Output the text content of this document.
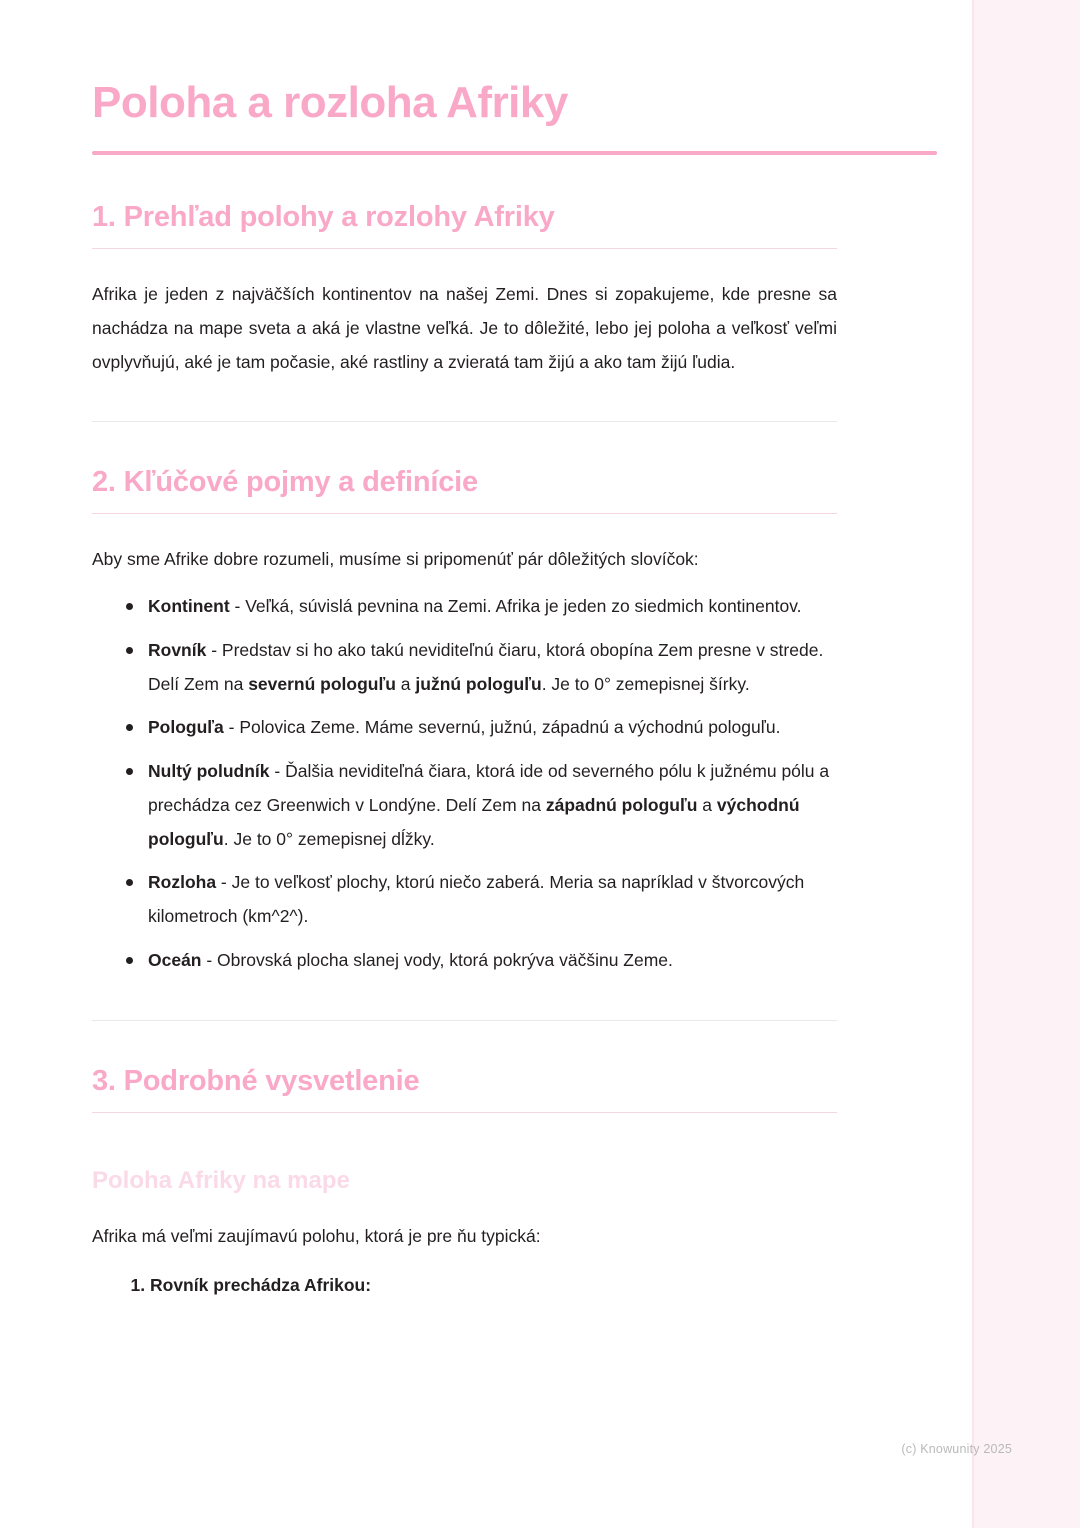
Poloha a rozloha Afriky
1. Prehľad polohy a rozlohy Afriky

Afrika je jeden z najväčších kontinentov na našej Zemi. Dnes si zopakujeme, kde presne sa nachádza na mape sveta a aká je vlastne veľká. Je to dôležité, lebo jej poloha a veľkosť veľmi ovplyvňujú, aké je tam počasie, aké rastliny a zvieratá tam žijú a ako tam žijú ľudia.

2. Kľúčové pojmy a definície

Aby sme Afrike dobre rozumeli, musíme si pripomenúť pár dôležitých slovíčok:

Kontinent - Veľká, súvislá pevnina na Zemi. Afrika je jeden zo siedmich kontinentov.
Rovník - Predstav si ho ako takú neviditeľnú čiaru, ktorá obopína Zem presne v strede. Delí Zem na severnú pologuľu a južnú pologuľu. Je to 0° zemepisnej šírky.
Pologuľa - Polovica Zeme. Máme severnú, južnú, západnú a východnú pologuľu.
Nultý poludník - Ďalšia neviditeľná čiara, ktorá ide od severného pólu k južnému pólu a prechádza cez Greenwich v Londýne. Delí Zem na západnú pologuľu a východnú pologuľu. Je to 0° zemepisnej dĺžky.
Rozloha - Je to veľkosť plochy, ktorú niečo zaberá. Meria sa napríklad v štvorcových kilometroch (km^2^).
Oceán - Obrovská plocha slanej vody, ktorá pokrýva väčšinu Zeme.
3. Podrobné vysvetlenie
Poloha Afriky na mape

Afrika má veľmi zaujímavú polohu, ktorá je pre ňu typická:

1. Rovník prechádza Afrikou:
(c) Knowunity 2025
